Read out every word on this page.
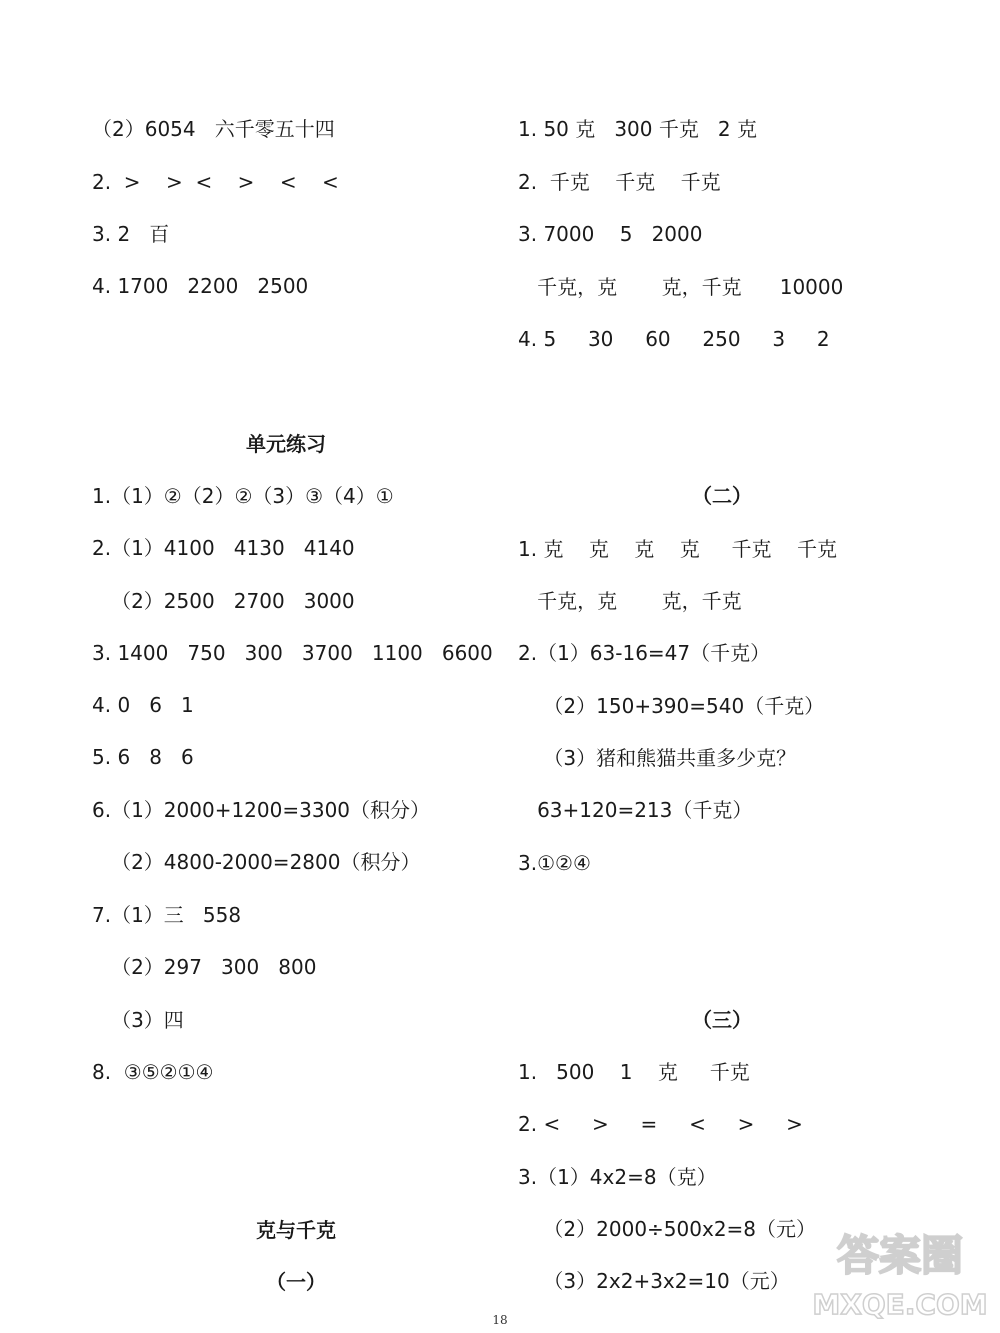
（2）6054   六千零五十四
2.  >    >  <    >    <    <
3. 2   百
4. 1700   2200   2500
单元练习
1.（1）②（2）②（3）③（4）①
2.（1）4100   4130   4140
（2）2500   2700   3000
3. 1400   750   300   3700   1100   6600
4. 0   6   1
5. 6   8   6
6.（1）2000+1200=3300（积分）
（2）4800-2000=2800（积分）
7.（1）三   558
（2）297   300   800
（3）四
8.  ③⑤②①④
克与千克
（一）
1. 50 克   300 千克   2 克
2.  千克    千克    千克
3. 7000    5   2000
千克，克       克，千克      10000
4. 5     30     60     250     3     2
（二）
1. 克    克    克    克     千克    千克
千克，克       克，千克
2.（1）63-16=47（千克）
（2）150+390=540（千克）
（3）猪和熊猫共重多少克？
63+120=213（千克）
3.①②④
（三）
1.   500    1    克     千克
2. <     >     =     <     >     >
3.（1）4x2=8（克）
（2）2000÷500x2=8（元）
（3）2x2+3x2=10（元）
答案圈
MXQE.COM
18
